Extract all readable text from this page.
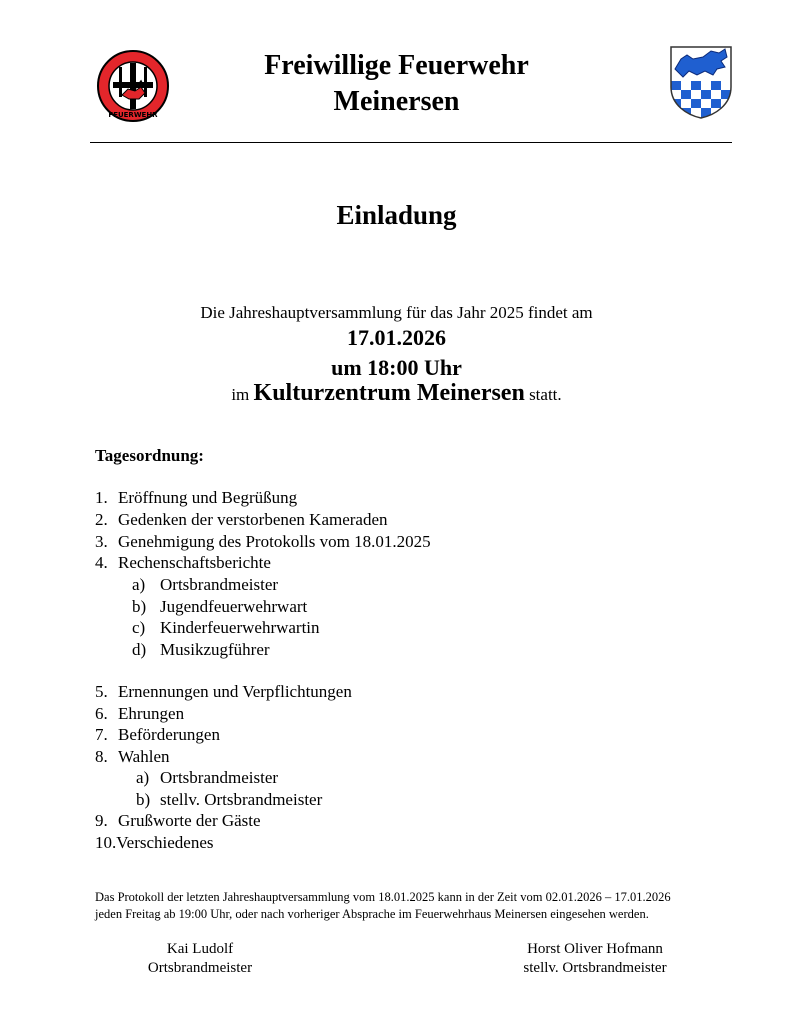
FEUERWEHR
Freiwillige Feuerwehr
Meinersen
Einladung
Die Jahreshauptversammlung für das Jahr 2025 findet am
17.01.2026
um 18:00 Uhr
im Kulturzentrum Meinersen statt.
Tagesordnung:
1. Eröffnung und Begrüßung
2. Gedenken der verstorbenen Kameraden
3. Genehmigung des Protokolls vom 18.01.2025
4. Rechenschaftsberichte
a) Ortsbrandmeister
b) Jugendfeuerwehrwart
c) Kinderfeuerwehrwartin
d) Musikzugführer
5. Ernennungen und Verpflichtungen
6. Ehrungen
7. Beförderungen
8. Wahlen
a) Ortsbrandmeister
b) stellv. Ortsbrandmeister
9. Grußworte der Gäste
10.Verschiedenes
Das Protokoll der letzten Jahreshauptversammlung vom 18.01.2025 kann in der Zeit vom 02.01.2026 – 17.01.2026
jeden Freitag ab 19:00 Uhr, oder nach vorheriger Absprache im Feuerwehrhaus Meinersen eingesehen werden.
Kai Ludolf
Ortsbrandmeister
Horst Oliver Hofmann
stellv. Ortsbrandmeister
